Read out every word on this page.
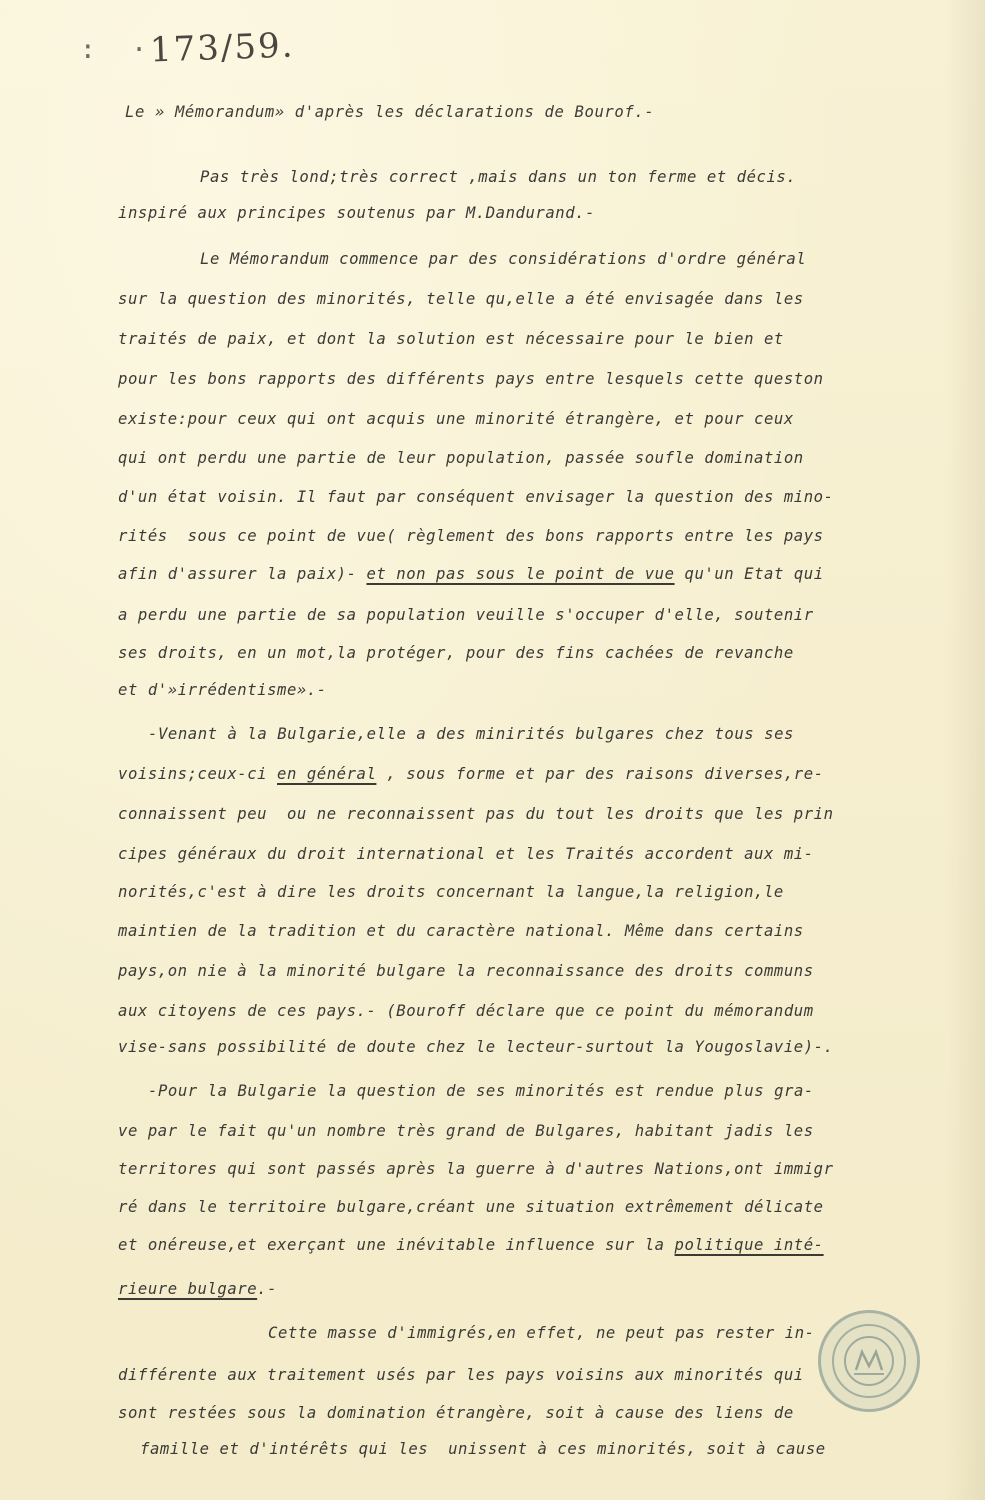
: ·
173/59.
Le » Mémorandum» d'après les déclarations de Bourof.-
Pas très lond;très correct ,mais dans un ton ferme et décis.
inspiré aux principes soutenus par M.Dandurand.-
Le Mémorandum commence par des considérations d'ordre général
sur la question des minorités, telle qu,elle a été envisagée dans les
traités de paix, et dont la solution est nécessaire pour le bien et
pour les bons rapports des différents pays entre lesquels cette queston
existe:pour ceux qui ont acquis une minorité étrangère, et pour ceux
qui ont perdu une partie de leur population, passée soufle domination
d'un état voisin. Il faut par conséquent envisager la question des mino-
rités  sous ce point de vue( règlement des bons rapports entre les pays
afin d'assurer la paix)- et non pas sous le point de vue qu'un Etat qui
a perdu une partie de sa population veuille s'occuper d'elle, soutenir
ses droits, en un mot,la protéger, pour des fins cachées de revanche
et d'»irrédentisme».-
-Venant à la Bulgarie,elle a des minirités bulgares chez tous ses
voisins;ceux-ci en général , sous forme et par des raisons diverses,re-
connaissent peu  ou ne reconnaissent pas du tout les droits que les prin
cipes généraux du droit international et les Traités accordent aux mi-
norités,c'est à dire les droits concernant la langue,la religion,le
maintien de la tradition et du caractère national. Même dans certains
pays,on nie à la minorité bulgare la reconnaissance des droits communs
aux citoyens de ces pays.- (Bouroff déclare que ce point du mémorandum
vise-sans possibilité de doute chez le lecteur-surtout la Yougoslavie)-.
-Pour la Bulgarie la question de ses minorités est rendue plus gra-
ve par le fait qu'un nombre très grand de Bulgares, habitant jadis les
territores qui sont passés après la guerre à d'autres Nations,ont immigr
ré dans le territoire bulgare,créant une situation extrêmement délicate
et onéreuse,et exerçant une inévitable influence sur la politique inté-
rieure bulgare.-
Cette masse d'immigrés,en effet, ne peut pas rester in-
différente aux traitement usés par les pays voisins aux minorités qui
sont restées sous la domination étrangère, soit à cause des liens de
famille et d'intérêts qui les  unissent à ces minorités, soit à cause
